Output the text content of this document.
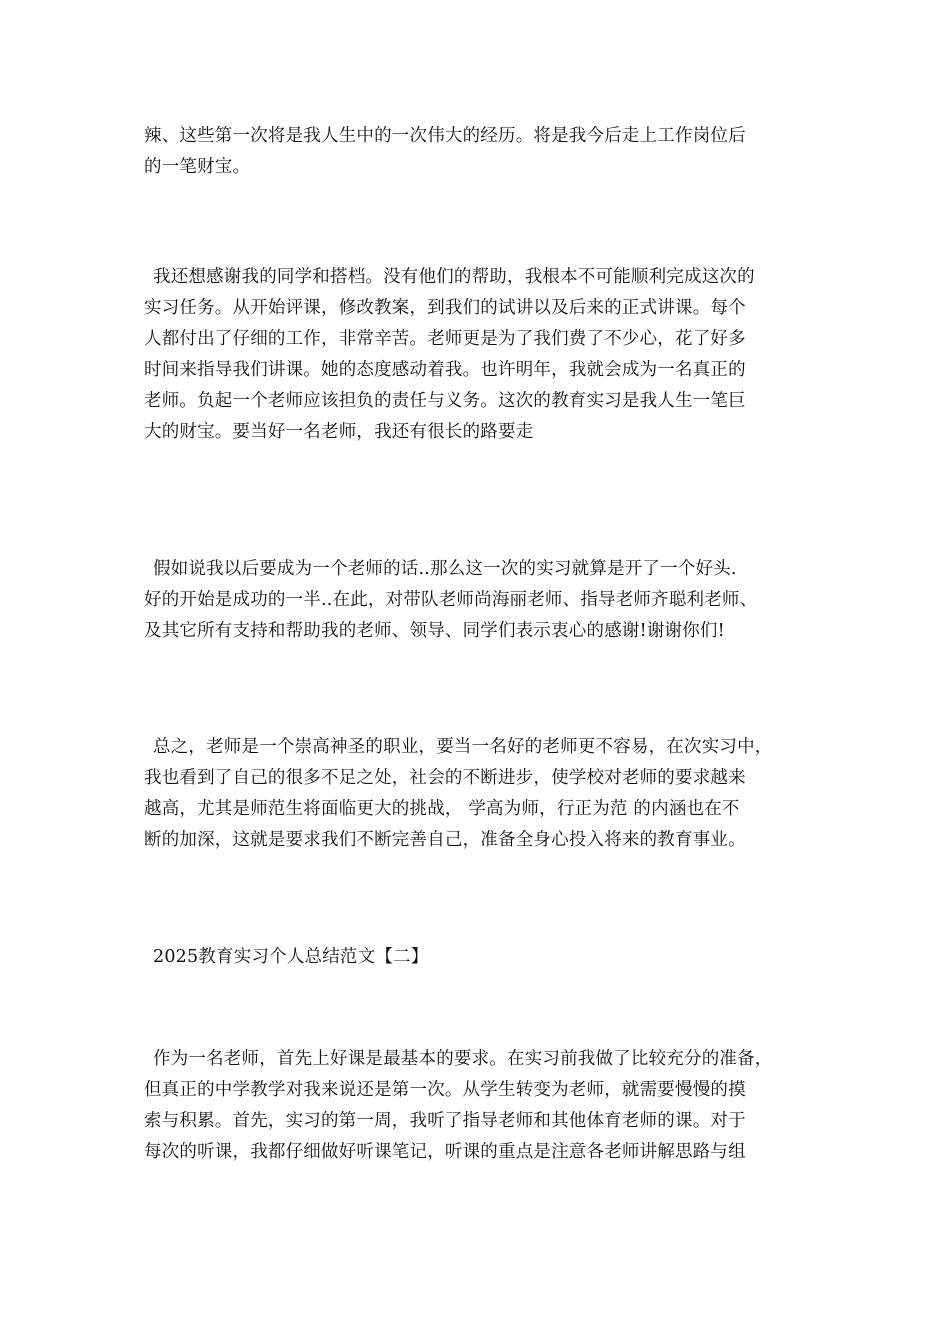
辣、这些第一次将是我人生中的一次伟大的经历。将是我今后走上工作岗位后
的一笔财宝。
我还想感谢我的同学和搭档。没有他们的帮助，我根本不可能顺利完成这次的
实习任务。从开始评课，修改教案，到我们的试讲以及后来的正式讲课。每个
人都付出了仔细的工作，非常辛苦。老师更是为了我们费了不少心，花了好多
时间来指导我们讲课。她的态度感动着我。也许明年，我就会成为一名真正的
老师。负起一个老师应该担负的责任与义务。这次的教育实习是我人生一笔巨
大的财宝。要当好一名老师，我还有很长的路要走
假如说我以后要成为一个老师的话..那么这一次的实习就算是开了一个好头.
好的开始是成功的一半..在此，对带队老师尚海丽老师、指导老师齐聪利老师、
及其它所有支持和帮助我的老师、领导、同学们表示衷心的感谢!谢谢你们!
总之，老师是一个崇高神圣的职业，要当一名好的老师更不容易，在次实习中，
我也看到了自己的很多不足之处，社会的不断进步，使学校对老师的要求越来
越高，尤其是师范生将面临更大的挑战， 学高为师，行正为范 的内涵也在不
断的加深，这就是要求我们不断完善自己，准备全身心投入将来的教育事业。
2025教育实习个人总结范文【二】
作为一名老师，首先上好课是最基本的要求。在实习前我做了比较充分的准备，
但真正的中学教学对我来说还是第一次。从学生转变为老师，就需要慢慢的摸
索与积累。首先，实习的第一周，我听了指导老师和其他体育老师的课。对于
每次的听课，我都仔细做好听课笔记，听课的重点是注意各老师讲解思路与组
